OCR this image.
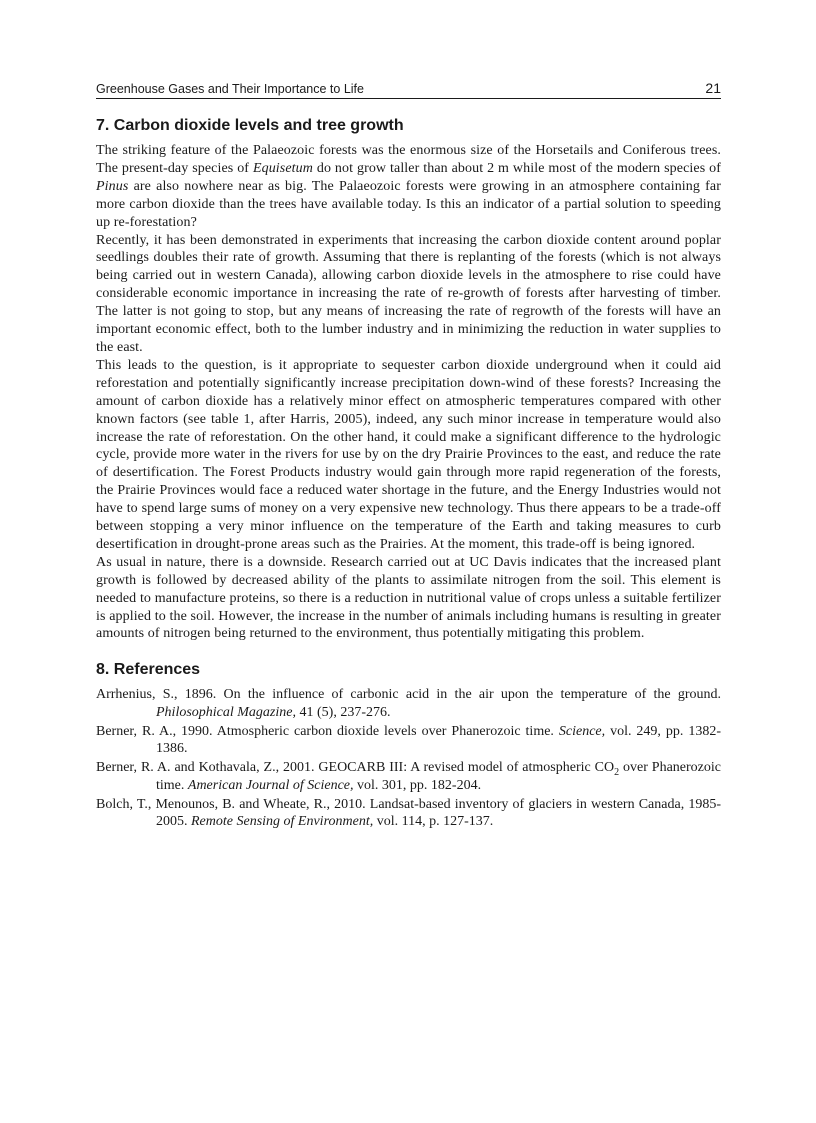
Greenhouse Gases and Their Importance to Life	21
7. Carbon dioxide levels and tree growth

The striking feature of the Palaeozoic forests was the enormous size of the Horsetails and Coniferous trees. The present-day species of Equisetum do not grow taller than about 2 m while most of the modern species of Pinus are also nowhere near as big. The Palaeozoic forests were growing in an atmosphere containing far more carbon dioxide than the trees have available today. Is this an indicator of a partial solution to speeding up re-forestation?

Recently, it has been demonstrated in experiments that increasing the carbon dioxide content around poplar seedlings doubles their rate of growth. Assuming that there is replanting of the forests (which is not always being carried out in western Canada), allowing carbon dioxide levels in the atmosphere to rise could have considerable economic importance in increasing the rate of re-growth of forests after harvesting of timber. The latter is not going to stop, but any means of increasing the rate of regrowth of the forests will have an important economic effect, both to the lumber industry and in minimizing the reduction in water supplies to the east.

This leads to the question, is it appropriate to sequester carbon dioxide underground when it could aid reforestation and potentially significantly increase precipitation down-wind of these forests? Increasing the amount of carbon dioxide has a relatively minor effect on atmospheric temperatures compared with other known factors (see table 1, after Harris, 2005), indeed, any such minor increase in temperature would also increase the rate of reforestation. On the other hand, it could make a significant difference to the hydrologic cycle, provide more water in the rivers for use by on the dry Prairie Provinces to the east, and reduce the rate of desertification. The Forest Products industry would gain through more rapid regeneration of the forests, the Prairie Provinces would face a reduced water shortage in the future, and the Energy Industries would not have to spend large sums of money on a very expensive new technology. Thus there appears to be a trade-off between stopping a very minor influence on the temperature of the Earth and taking measures to curb desertification in drought-prone areas such as the Prairies. At the moment, this trade-off is being ignored.

As usual in nature, there is a downside. Research carried out at UC Davis indicates that the increased plant growth is followed by decreased ability of the plants to assimilate nitrogen from the soil. This element is needed to manufacture proteins, so there is a reduction in nutritional value of crops unless a suitable fertilizer is applied to the soil. However, the increase in the number of animals including humans is resulting in greater amounts of nitrogen being returned to the environment, thus potentially mitigating this problem.

8. References

Arrhenius, S., 1896. On the influence of carbonic acid in the air upon the temperature of the ground. Philosophical Magazine, 41 (5), 237-276.

Berner, R. A., 1990. Atmospheric carbon dioxide levels over Phanerozoic time. Science, vol. 249, pp. 1382-1386.

Berner, R. A. and Kothavala, Z., 2001. GEOCARB III: A revised model of atmospheric $CO_2$ over Phanerozoic time. American Journal of Science, vol. 301, pp. 182-204.

Bolch, T., Menounos, B. and Wheate, R., 2010. Landsat-based inventory of glaciers in western Canada, 1985-2005. Remote Sensing of Environment, vol. 114, p. 127-137.
